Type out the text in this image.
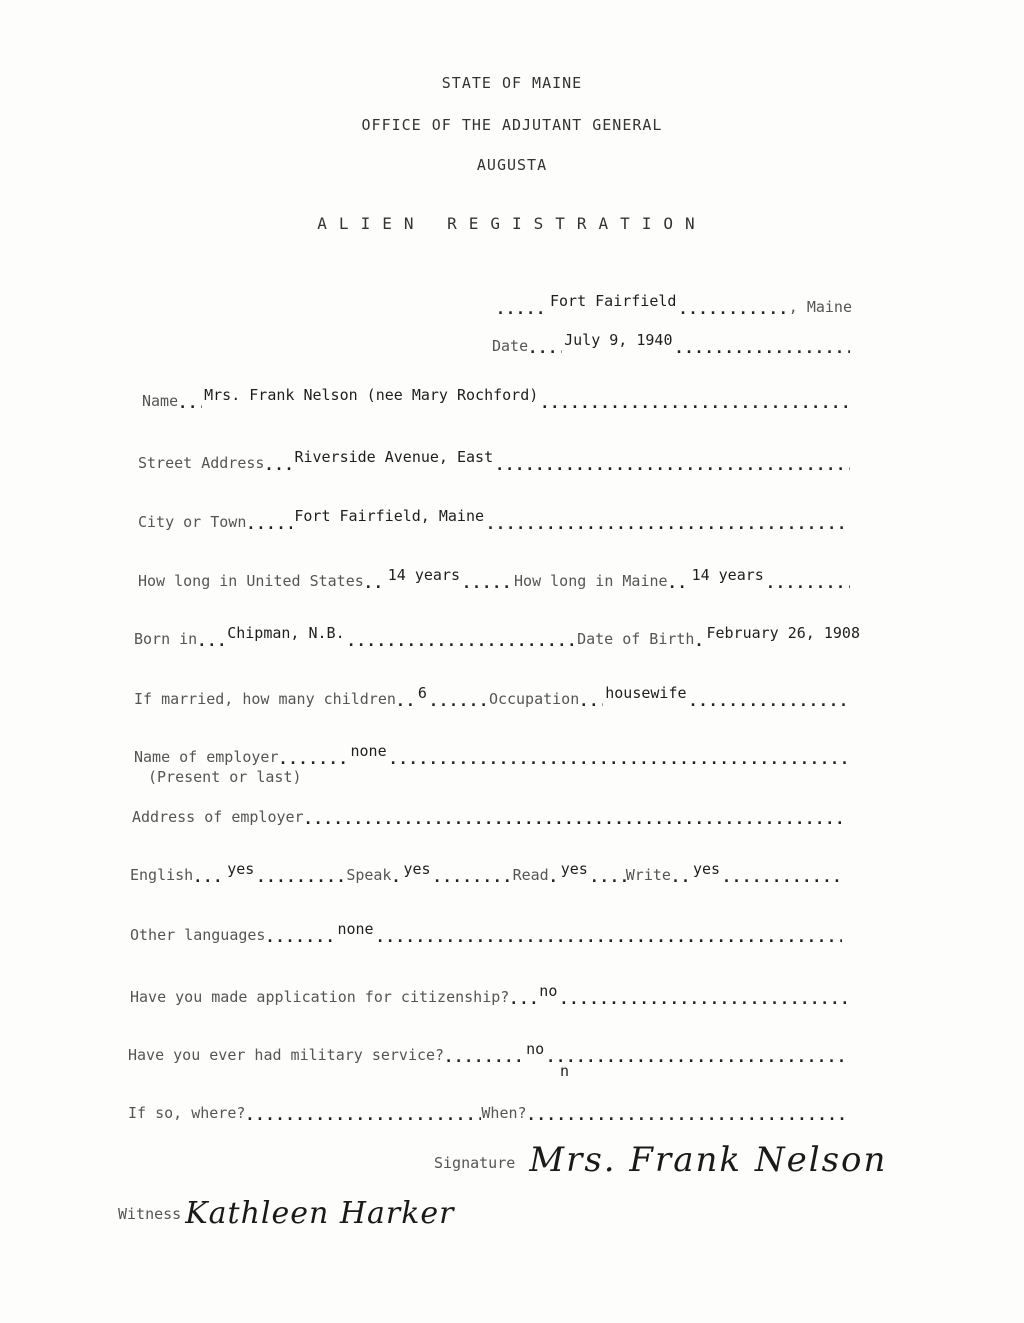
STATE OF MAINE
OFFICE OF THE ADJUTANT GENERAL
AUGUSTA
ALIEN REGISTRATION
.....
Fort Fairfield .....	, Maine
Date ..... July 9, 1940
.....
Name ..... Mrs. Frank Nelson (nee Mary Rochford)
.....
Street Address ..... Riverside Avenue, East
.....
City or Town .....	Fort Fairfield, Maine
.....
How long in United States ..... 14 years .....	How long in Maine ..... 14 years
.....
Born in ..... Chipman, N.B. .....	Date of Birth ..... February 26, 1908
If married, how many children ..... 6 .....	Occupation ..... housewife
.....
Name of employer .....	none
.....
(Present or last)
Address of employer
.....
English ..... yes .....	Speak ..... yes .....	Read ..... yes .....	Write ..... yes
.....
Other languages .....	none
.....
Have you made application for citizenship? ..... no
.....
Have you ever had military service? .....	no
.....
n
If so, where? .....	When?
.....
Signature Mrs. Frank Nelson
Witness Kathleen Harker
